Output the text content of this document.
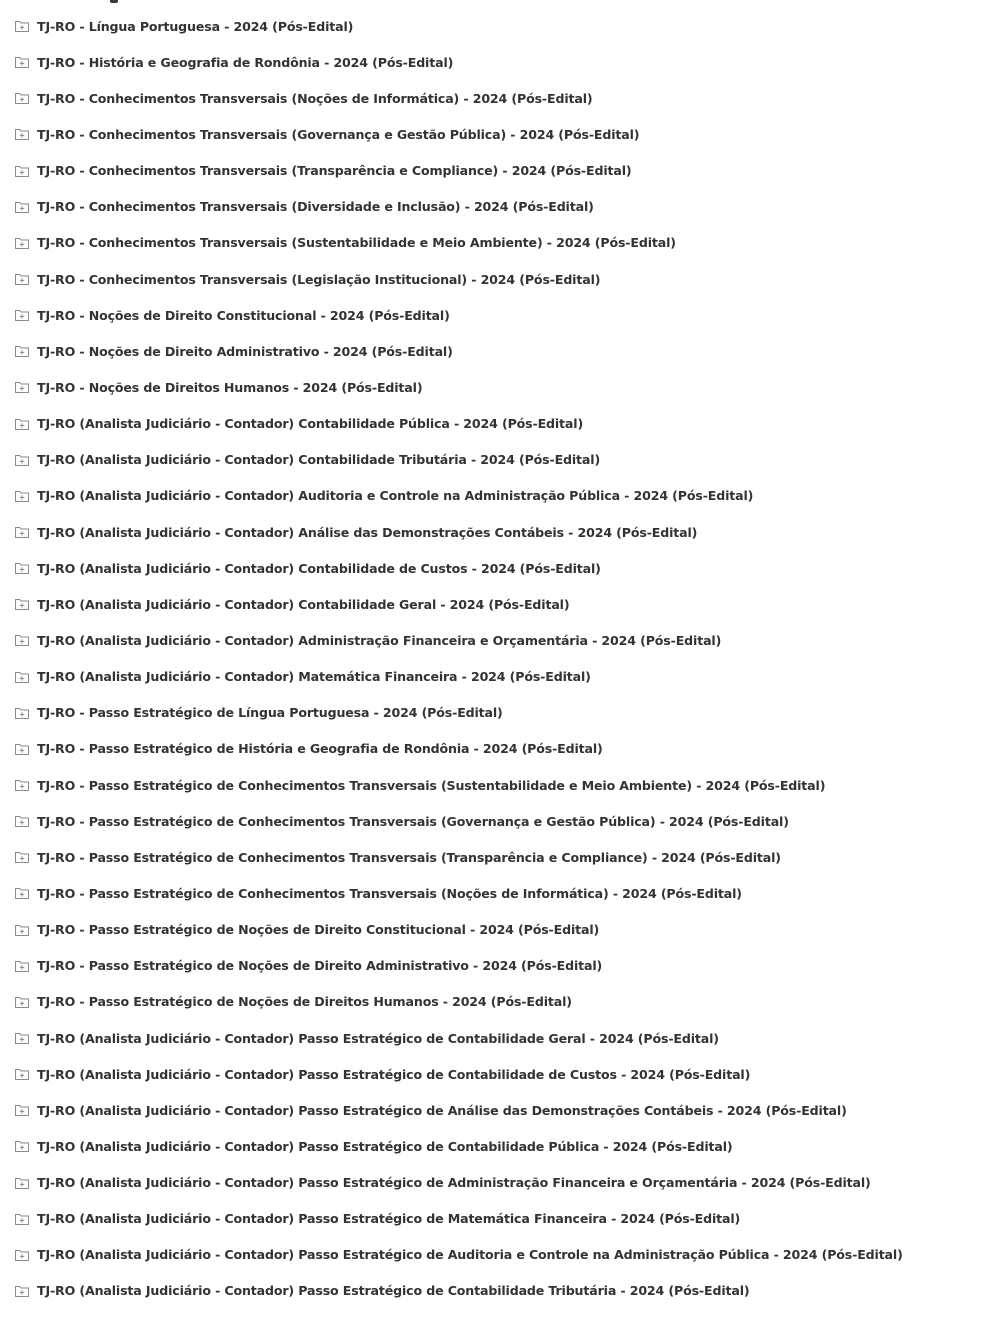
TJ-RO - Língua Portuguesa - 2024 (Pós-Edital)
TJ-RO - História e Geografia de Rondônia - 2024 (Pós-Edital)
TJ-RO - Conhecimentos Transversais (Noções de Informática) - 2024 (Pós-Edital)
TJ-RO - Conhecimentos Transversais (Governança e Gestão Pública) - 2024 (Pós-Edital)
TJ-RO - Conhecimentos Transversais (Transparência e Compliance) - 2024 (Pós-Edital)
TJ-RO - Conhecimentos Transversais (Diversidade e Inclusão) - 2024 (Pós-Edital)
TJ-RO - Conhecimentos Transversais (Sustentabilidade e Meio Ambiente) - 2024 (Pós-Edital)
TJ-RO - Conhecimentos Transversais (Legislação Institucional) - 2024 (Pós-Edital)
TJ-RO - Noções de Direito Constitucional - 2024 (Pós-Edital)
TJ-RO - Noções de Direito Administrativo - 2024 (Pós-Edital)
TJ-RO - Noções de Direitos Humanos - 2024 (Pós-Edital)
TJ-RO (Analista Judiciário - Contador) Contabilidade Pública - 2024 (Pós-Edital)
TJ-RO (Analista Judiciário - Contador) Contabilidade Tributária - 2024 (Pós-Edital)
TJ-RO (Analista Judiciário - Contador) Auditoria e Controle na Administração Pública - 2024 (Pós-Edital)
TJ-RO (Analista Judiciário - Contador) Análise das Demonstrações Contábeis - 2024 (Pós-Edital)
TJ-RO (Analista Judiciário - Contador) Contabilidade de Custos - 2024 (Pós-Edital)
TJ-RO (Analista Judiciário - Contador) Contabilidade Geral - 2024 (Pós-Edital)
TJ-RO (Analista Judiciário - Contador) Administração Financeira e Orçamentária - 2024 (Pós-Edital)
TJ-RO (Analista Judiciário - Contador) Matemática Financeira - 2024 (Pós-Edital)
TJ-RO - Passo Estratégico de Língua Portuguesa - 2024 (Pós-Edital)
TJ-RO - Passo Estratégico de História e Geografia de Rondônia - 2024 (Pós-Edital)
TJ-RO - Passo Estratégico de Conhecimentos Transversais (Sustentabilidade e Meio Ambiente) - 2024 (Pós-Edital)
TJ-RO - Passo Estratégico de Conhecimentos Transversais (Governança e Gestão Pública) - 2024 (Pós-Edital)
TJ-RO - Passo Estratégico de Conhecimentos Transversais (Transparência e Compliance) - 2024 (Pós-Edital)
TJ-RO - Passo Estratégico de Conhecimentos Transversais (Noções de Informática) - 2024 (Pós-Edital)
TJ-RO - Passo Estratégico de Noções de Direito Constitucional - 2024 (Pós-Edital)
TJ-RO - Passo Estratégico de Noções de Direito Administrativo - 2024 (Pós-Edital)
TJ-RO - Passo Estratégico de Noções de Direitos Humanos - 2024 (Pós-Edital)
TJ-RO (Analista Judiciário - Contador) Passo Estratégico de Contabilidade Geral - 2024 (Pós-Edital)
TJ-RO (Analista Judiciário - Contador) Passo Estratégico de Contabilidade de Custos - 2024 (Pós-Edital)
TJ-RO (Analista Judiciário - Contador) Passo Estratégico de Análise das Demonstrações Contábeis - 2024 (Pós-Edital)
TJ-RO (Analista Judiciário - Contador) Passo Estratégico de Contabilidade Pública - 2024 (Pós-Edital)
TJ-RO (Analista Judiciário - Contador) Passo Estratégico de Administração Financeira e Orçamentária - 2024 (Pós-Edital)
TJ-RO (Analista Judiciário - Contador) Passo Estratégico de Matemática Financeira - 2024 (Pós-Edital)
TJ-RO (Analista Judiciário - Contador) Passo Estratégico de Auditoria e Controle na Administração Pública - 2024 (Pós-Edital)
TJ-RO (Analista Judiciário - Contador) Passo Estratégico de Contabilidade Tributária - 2024 (Pós-Edital)
